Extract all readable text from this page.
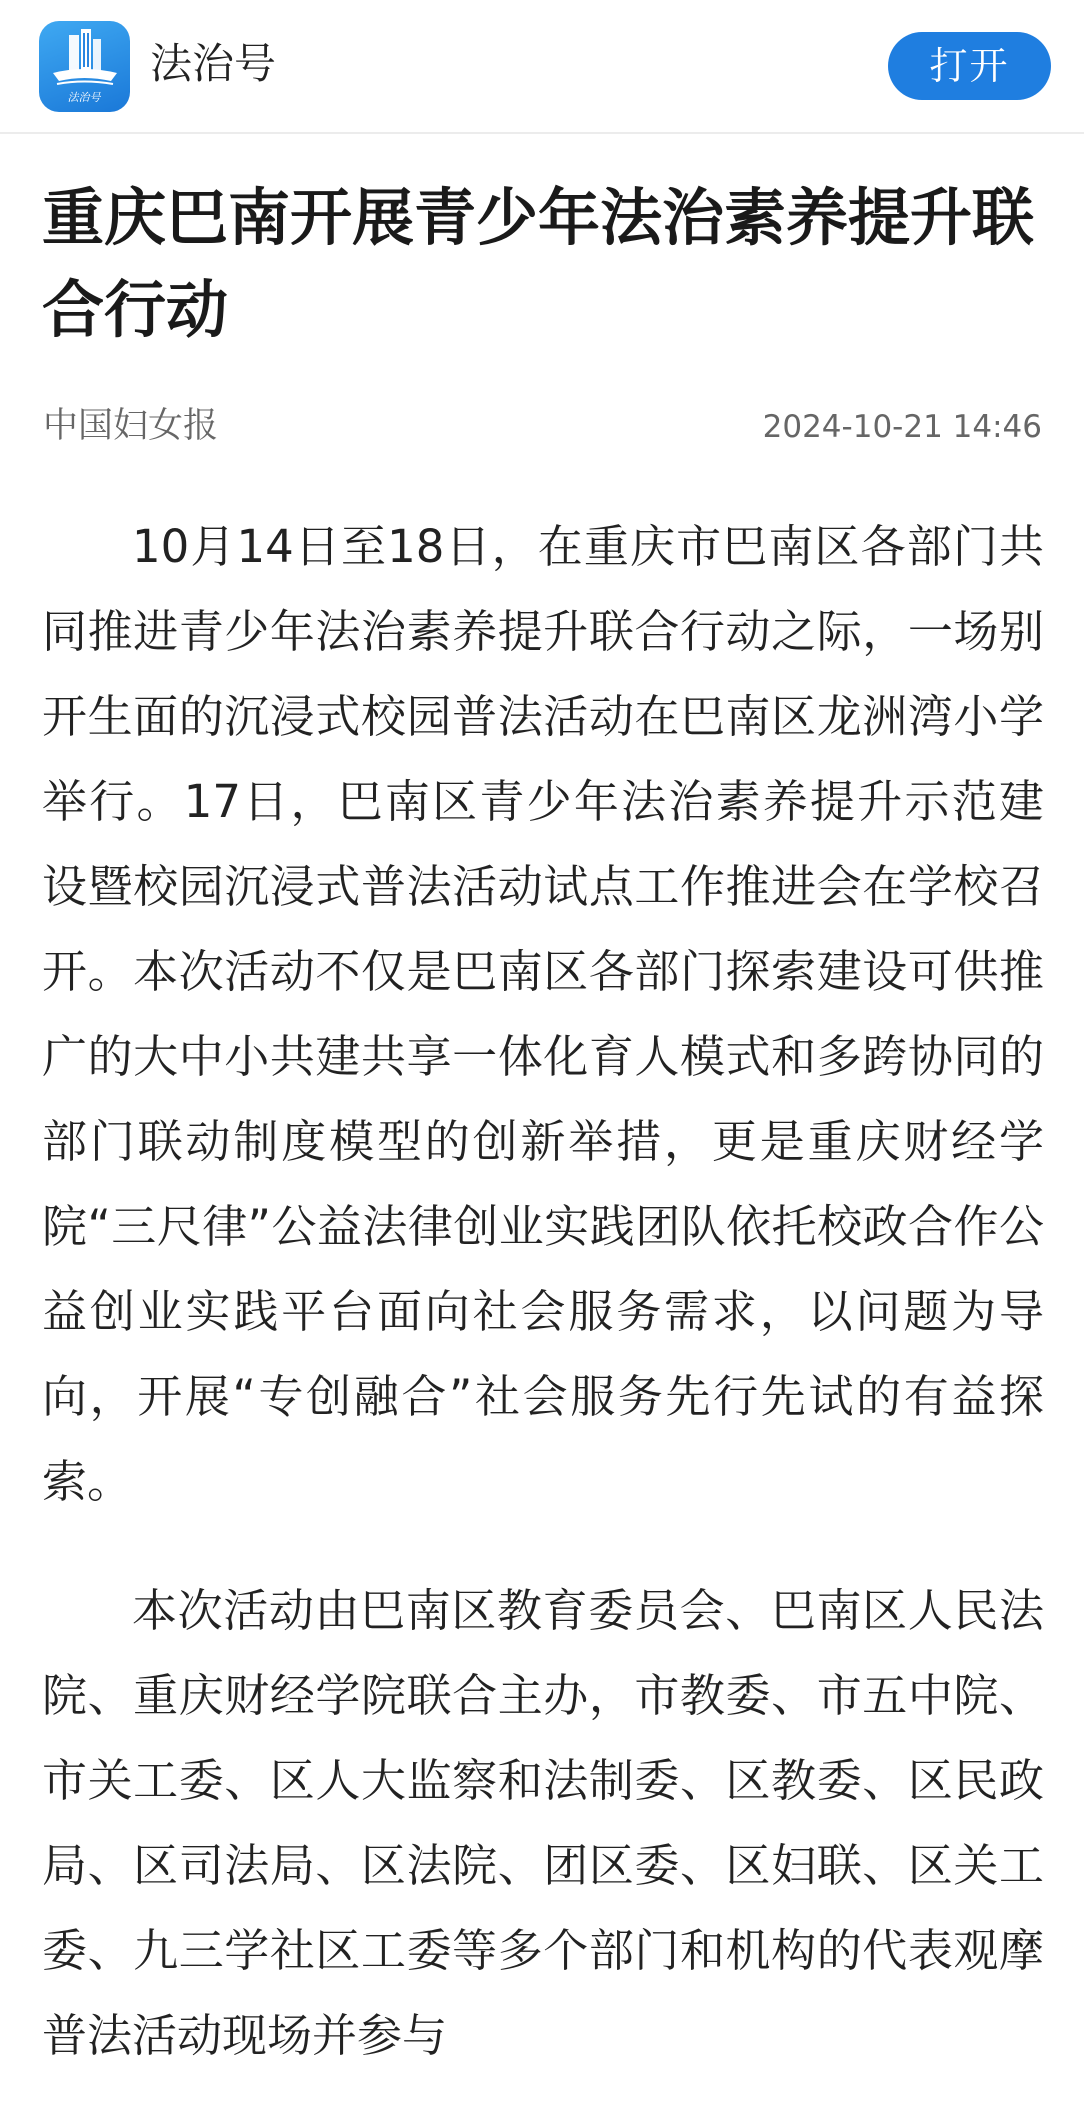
法治号
法治号	打开
重庆巴南开展青少年法治素养提升联合行动
中国妇女报	2024-10-21 14:46

10月14日至18日，在重庆市巴南区各部门共同推进青少年法治素养提升联合行动之际，一场别开生面的沉浸式校园普法活动在巴南区龙洲湾小学举行。17日，巴南区青少年法治素养提升示范建设暨校园沉浸式普法活动试点工作推进会在学校召开。本次活动不仅是巴南区各部门探索建设可供推广的大中小共建共享一体化育人模式和多跨协同的部门联动制度模型的创新举措，更是重庆财经学院“三尺律”公益法律创业实践团队依托校政合作公益创业实践平台面向社会服务需求，以问题为导向，开展“专创融合”社会服务先行先试的有益探索。

本次活动由巴南区教育委员会、巴南区人民法院、重庆财经学院联合主办，市教委、市五中院、市关工委、区人大监察和法制委、区教委、区民政局、区司法局、区法院、团区委、区妇联、区关工委、九三学社区工委等多个部门和机构的代表观摩普法活动现场并参与
